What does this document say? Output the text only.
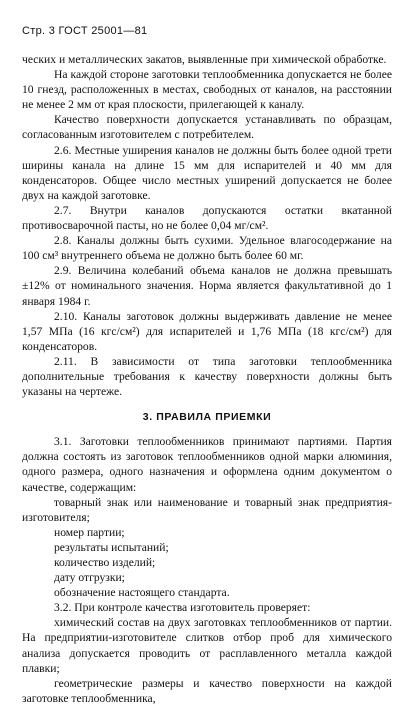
Стр. 3 ГОСТ 25001—81

ческих и металлических закатов, выявленные при химической обработке.

На каждой стороне заготовки теплообменника допускается не более 10 гнезд, расположенных в местах, свободных от каналов, на расстоянии не менее 2 мм от края плоскости, прилегающей к каналу.

Качество поверхности допускается устанавливать по образцам, согласованным изготовителем с потребителем.

2.6. Местные уширения каналов не должны быть более одной трети ширины канала на длине 15 мм для испарителей и 40 мм для конденсаторов. Общее число местных уширений допускается не более двух на каждой заготовке.

2.7. Внутри каналов допускаются остатки вкатанной противосварочной пасты, но не более 0,04 мг/см².

2.8. Каналы должны быть сухими. Удельное влагосодержание на 100 см³ внутреннего объема не должно быть более 60 мг.

2.9. Величина колебаний объема каналов не должна превышать ±12% от номинального значения. Норма является факультативной до 1 января 1984 г.

2.10. Каналы заготовок должны выдерживать давление не менее 1,57 МПа (16 кгс/см²) для испарителей и 1,76 МПа (18 кгс/см²) для конденсаторов.

2.11. В зависимости от типа заготовки теплообменника дополнительные требования к качеству поверхности должны быть указаны на чертеже.

3. ПРАВИЛА ПРИЕМКИ

3.1. Заготовки теплообменников принимают партиями. Партия должна состоять из заготовок теплообменников одной марки алюминия, одного размера, одного назначения и оформлена одним документом о качестве, содержащим:

товарный знак или наименование и товарный знак предприятия-изготовителя;

номер партии;

результаты испытаний;

количество изделий;

дату отгрузки;

обозначение настоящего стандарта.

3.2. При контроле качества изготовитель проверяет:

химический состав на двух заготовках теплообменников от партии. На предприятии-изготовителе слитков отбор проб для химического анализа допускается проводить от расплавленного металла каждой плавки;

геометрические размеры и качество поверхности на каждой заготовке теплообменника,
